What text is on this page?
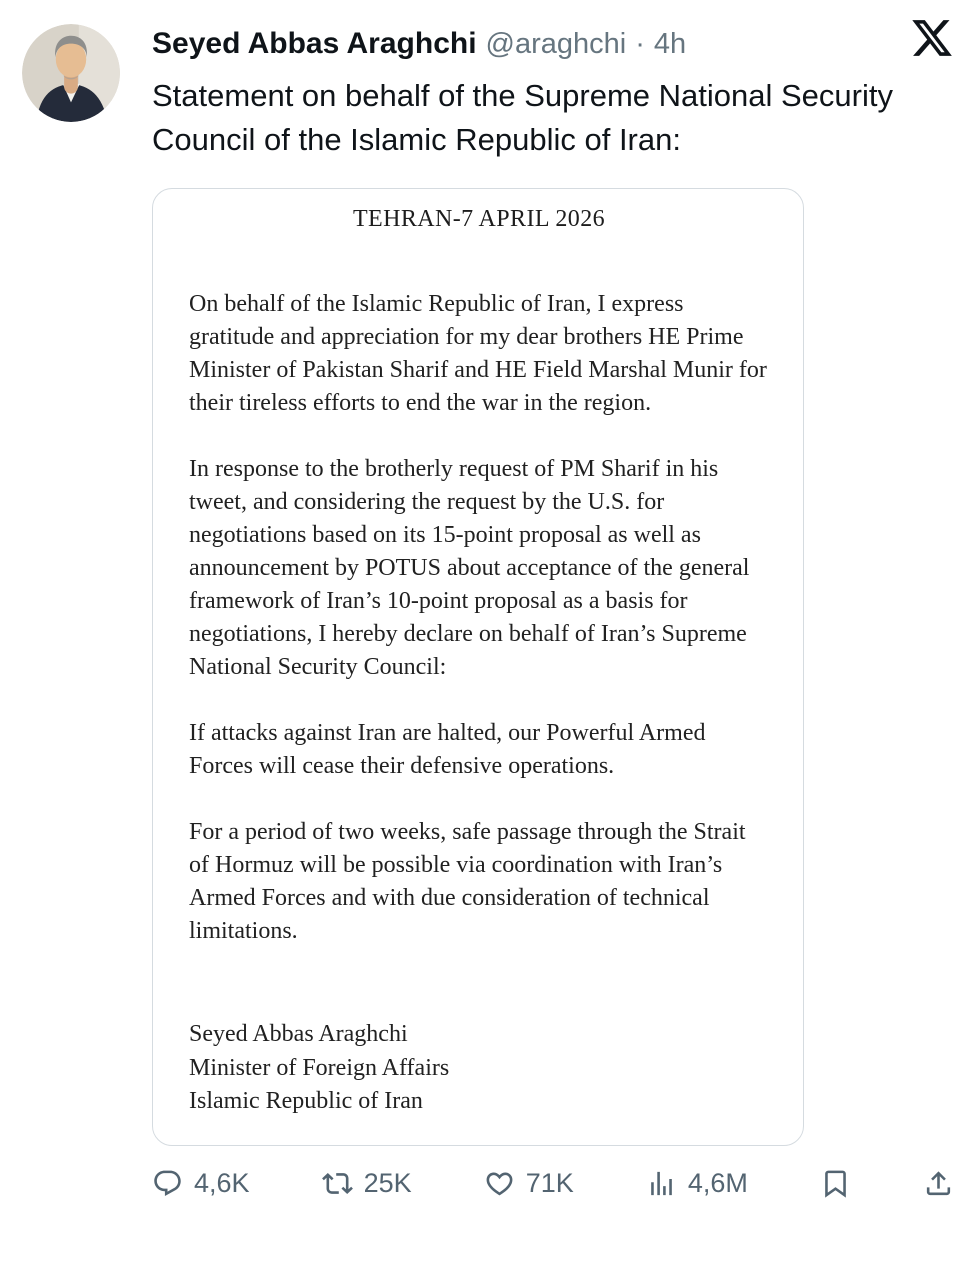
Seyed Abbas Araghchi @araghchi · 4h
Statement on behalf of the Supreme National Security Council of the Islamic Republic of Iran:
TEHRAN-7 APRIL 2026

On behalf of the Islamic Republic of Iran, I express gratitude and appreciation for my dear brothers HE Prime Minister of Pakistan Sharif and HE Field Marshal Munir for their tireless efforts to end the war in the region.

In response to the brotherly request of PM Sharif in his tweet, and considering the request by the U.S. for negotiations based on its 15-point proposal as well as announcement by POTUS about acceptance of the general framework of Iran’s 10-point proposal as a basis for negotiations, I hereby declare on behalf of Iran’s Supreme National Security Council:

If attacks against Iran are halted, our Powerful Armed Forces will cease their defensive operations.

For a period of two weeks, safe passage through the Strait of Hormuz will be possible via coordination with Iran’s Armed Forces and with due consideration of technical limitations.

Seyed Abbas Araghchi
Minister of Foreign Affairs
Islamic Republic of Iran
4,6K	25K	71K	4,6M
